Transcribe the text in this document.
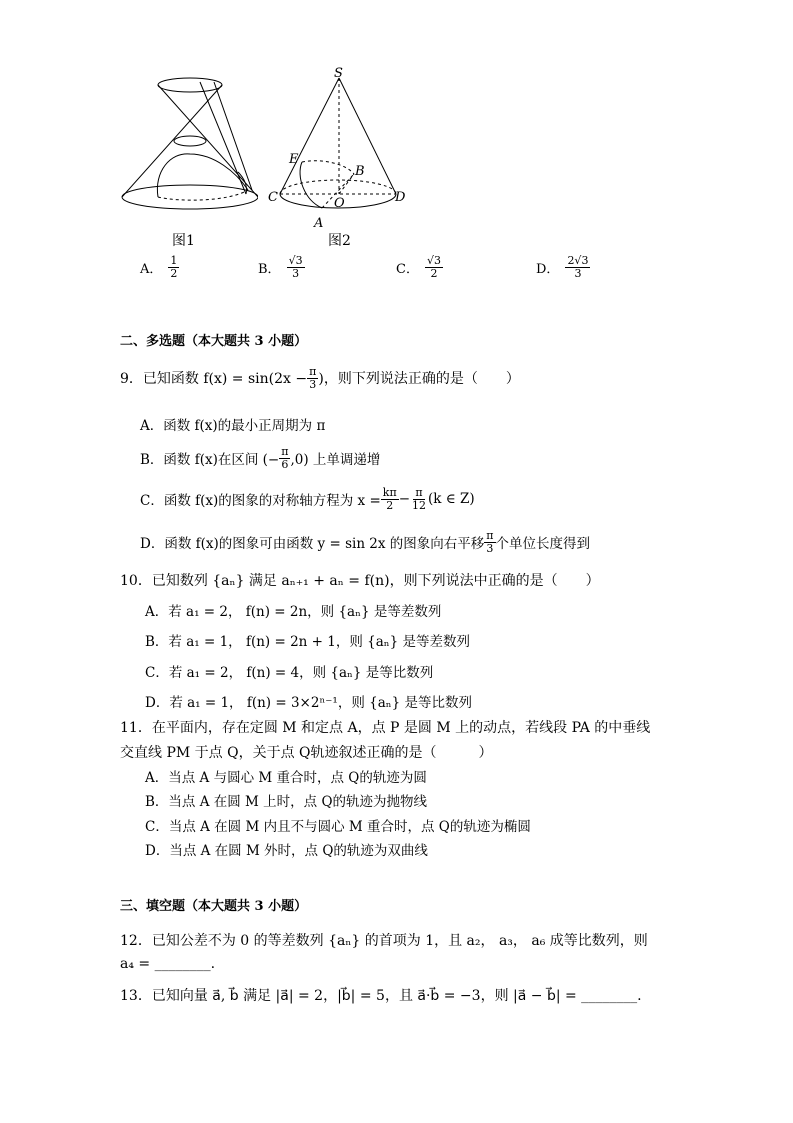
图1
S
E
B
C	D
O
A
图2
A． $\frac{1}{2}$	B． $\frac{√3}{3}$	C． $\frac{√3}{2}$	D． $\frac{2√3}{3}$
二、多选题（本大题共 3 小题）
9．已知函数 $f(x) = \sin(2x - \frac{\pi}{3}$ )，则下列说法正确的是（　　）
A．函数 f(x)的最小正周期为 π
B．函数 f(x)在区间 (− $\frac{\pi}{6} ,0$) 上单调递增
C．函数 f(x)的图象的对称轴方程为 $x = \frac{k\pi}{2} - \frac{\pi}{12} (k$ ∈ Z)
D．函数 f(x)的图象可由函数 y = sin 2x 的图象向右平移 $\frac{\pi}{3}$ 个单位长度得到
10．已知数列 {aₙ} 满足 aₙ₊₁ + aₙ = f(n)，则下列说法中正确的是（　　）
A．若 a₁ = 2， f(n) = 2n，则 {aₙ} 是等差数列
B．若 a₁ = 1， f(n) = 2n + 1，则 {aₙ} 是等差数列
C．若 a₁ = 2， f(n) = 4，则 {aₙ} 是等比数列
D．若 a₁ = 1， f(n) = 3×2ⁿ⁻¹，则 {aₙ} 是等比数列
11．在平面内，存在定圆 M 和定点 A，点 P 是圆 M 上的动点，若线段 PA 的中垂线
交直线 PM 于点 Q，关于点 Q轨迹叙述正确的是（　　　）
A．当点 A 与圆心 M 重合时，点 Q的轨迹为圆
B．当点 A 在圆 M 上时，点 Q的轨迹为抛物线
C．当点 A 在圆 M 内且不与圆心 M 重合时，点 Q的轨迹为椭圆
D．当点 A 在圆 M 外时，点 Q的轨迹为双曲线
三、填空题（本大题共 3 小题）
12．已知公差不为 0 的等差数列 {aₙ} 的首项为 1，且 a₂， a₃， a₆ 成等比数列，则
a₄ = ________.
13．已知向量 a⃗, b⃗ 满足 |a⃗| = 2，|b⃗| = 5，且 a⃗·b⃗ = −3，则 |a⃗ − b⃗| = ________.
